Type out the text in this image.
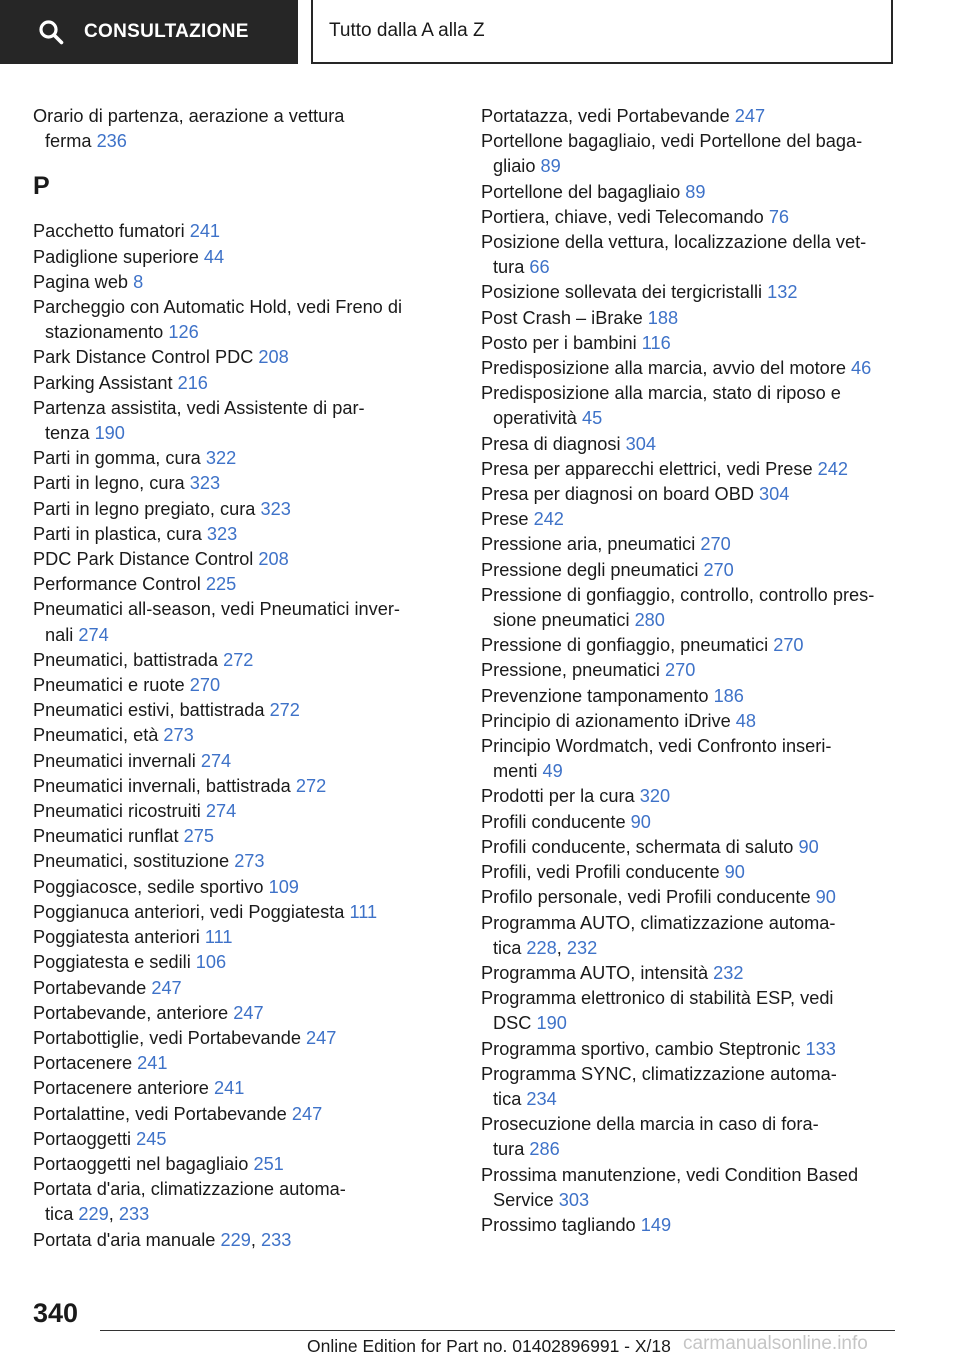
CONSULTAZIONE	Tutto dalla A alla Z
Orario di partenza, aerazione a vettura
ferma 236
P
Pacchetto fumatori 241
Padiglione superiore 44
Pagina web 8
Parcheggio con Automatic Hold, vedi Freno di
stazionamento 126
Park Distance Control PDC 208
Parking Assistant 216
Partenza assistita, vedi Assistente di par-
tenza 190
Parti in gomma, cura 322
Parti in legno, cura 323
Parti in legno pregiato, cura 323
Parti in plastica, cura 323
PDC Park Distance Control 208
Performance Control 225
Pneumatici all-season, vedi Pneumatici inver-
nali 274
Pneumatici, battistrada 272
Pneumatici e ruote 270
Pneumatici estivi, battistrada 272
Pneumatici, età 273
Pneumatici invernali 274
Pneumatici invernali, battistrada 272
Pneumatici ricostruiti 274
Pneumatici runflat 275
Pneumatici, sostituzione 273
Poggiacosce, sedile sportivo 109
Poggianuca anteriori, vedi Poggiatesta 111
Poggiatesta anteriori 111
Poggiatesta e sedili 106
Portabevande 247
Portabevande, anteriore 247
Portabottiglie, vedi Portabevande 247
Portacenere 241
Portacenere anteriore 241
Portalattine, vedi Portabevande 247
Portaoggetti 245
Portaoggetti nel bagagliaio 251
Portata d'aria, climatizzazione automa-
tica 229, 233
Portata d'aria manuale 229, 233
Portatazza, vedi Portabevande 247
Portellone bagagliaio, vedi Portellone del baga-
gliaio 89
Portellone del bagagliaio 89
Portiera, chiave, vedi Telecomando 76
Posizione della vettura, localizzazione della vet-
tura 66
Posizione sollevata dei tergicristalli 132
Post Crash – iBrake 188
Posto per i bambini 116
Predisposizione alla marcia, avvio del motore 46
Predisposizione alla marcia, stato di riposo e
operatività 45
Presa di diagnosi 304
Presa per apparecchi elettrici, vedi Prese 242
Presa per diagnosi on board OBD 304
Prese 242
Pressione aria, pneumatici 270
Pressione degli pneumatici 270
Pressione di gonfiaggio, controllo, controllo pres-
sione pneumatici 280
Pressione di gonfiaggio, pneumatici 270
Pressione, pneumatici 270
Prevenzione tamponamento 186
Principio di azionamento iDrive 48
Principio Wordmatch, vedi Confronto inseri-
menti 49
Prodotti per la cura 320
Profili conducente 90
Profili conducente, schermata di saluto 90
Profili, vedi Profili conducente 90
Profilo personale, vedi Profili conducente 90
Programma AUTO, climatizzazione automa-
tica 228, 232
Programma AUTO, intensità 232
Programma elettronico di stabilità ESP, vedi
DSC 190
Programma sportivo, cambio Steptronic 133
Programma SYNC, climatizzazione automa-
tica 234
Prosecuzione della marcia in caso di fora-
tura 286
Prossima manutenzione, vedi Condition Based
Service 303
Prossimo tagliando 149
340
Online Edition for Part no. 01402896991 - X/18 carmanualsonline.info
